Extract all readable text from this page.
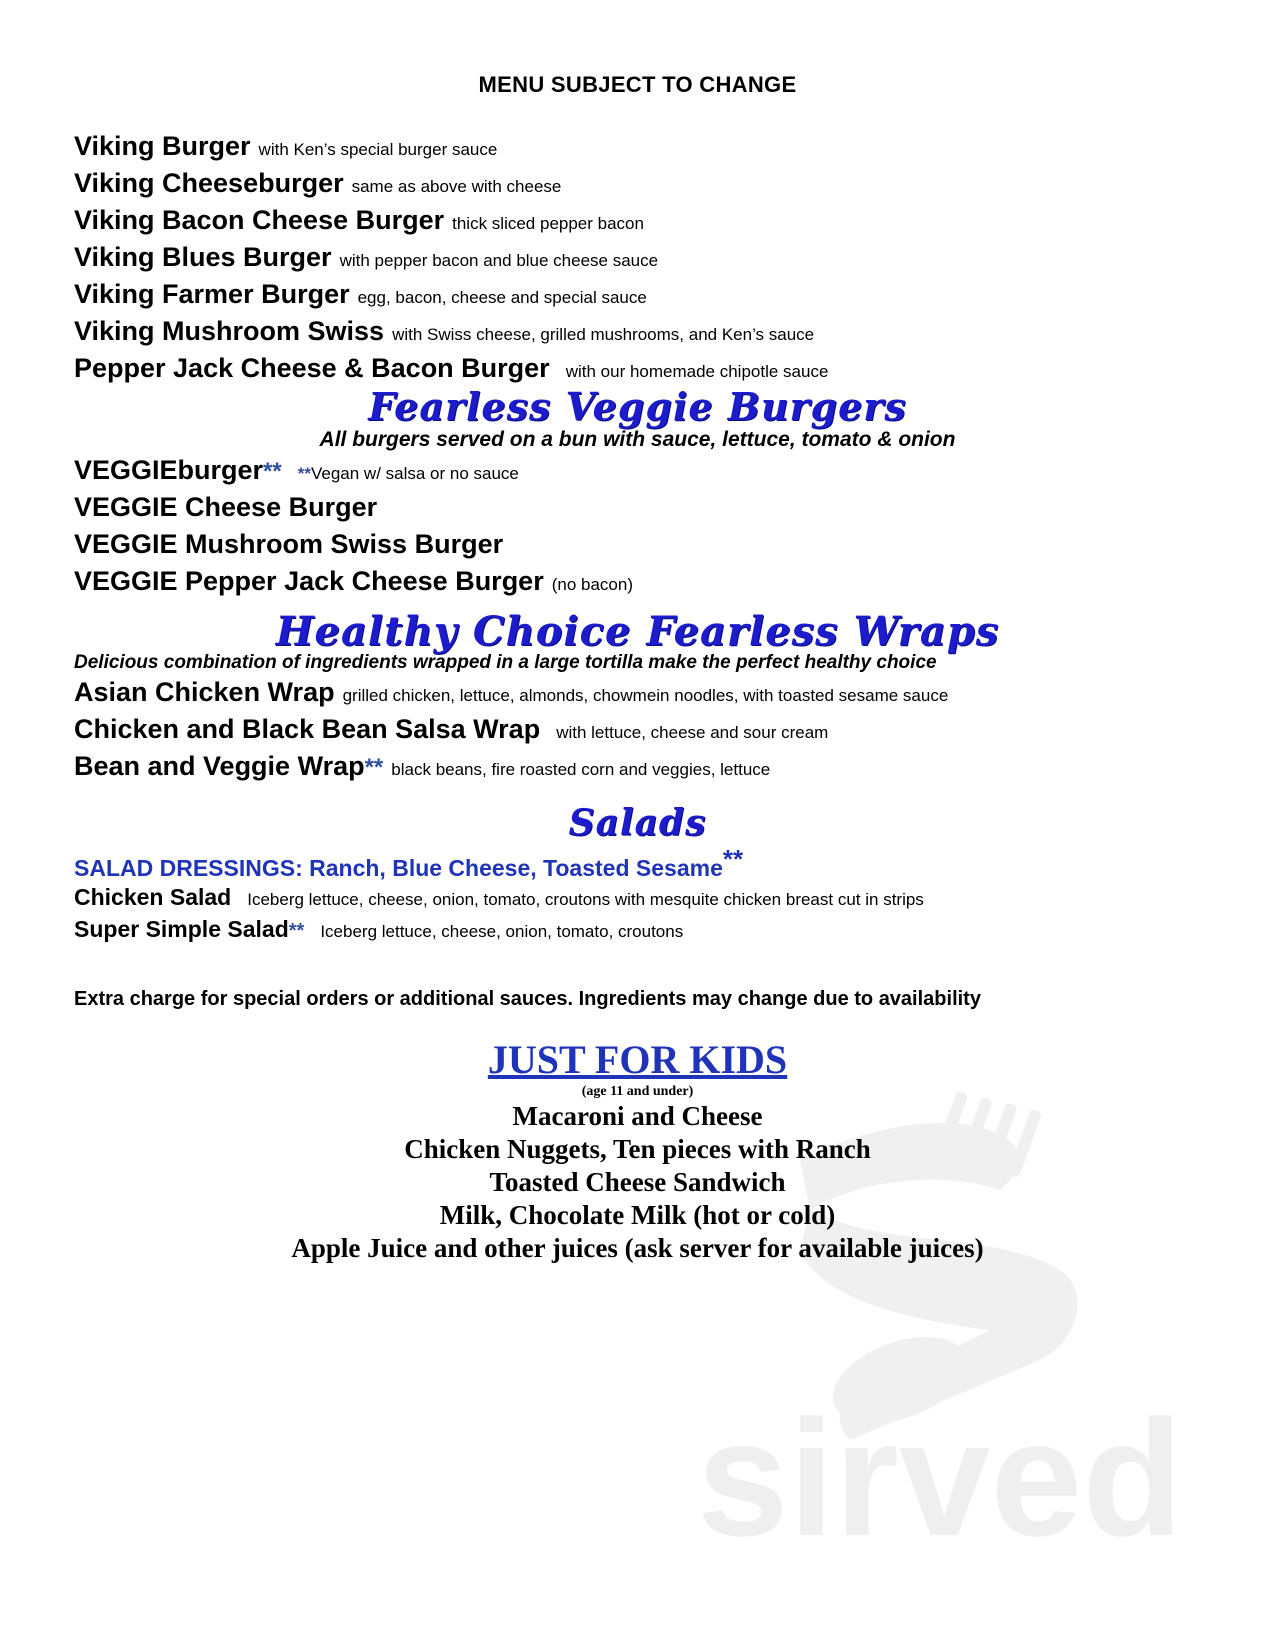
sirved
MENU SUBJECT TO CHANGE
Viking Burger with Ken’s special burger sauce
Viking Cheeseburger same as above with cheese
Viking Bacon Cheese Burger thick sliced pepper bacon
Viking Blues Burger with pepper bacon and blue cheese sauce
Viking Farmer Burger egg, bacon, cheese and special sauce
Viking Mushroom Swiss with Swiss cheese, grilled mushrooms, and Ken’s sauce
Pepper Jack Cheese & Bacon Burger with our homemade chipotle sauce
Fearless Veggie Burgers
All burgers served on a bun with sauce, lettuce, tomato & onion
VEGGIEburger** **Vegan w/ salsa or no sauce
VEGGIE Cheese Burger
VEGGIE Mushroom Swiss Burger
VEGGIE Pepper Jack Cheese Burger (no bacon)
Healthy Choice Fearless Wraps
Delicious combination of ingredients wrapped in a large tortilla make the perfect healthy choice
Asian Chicken Wrap grilled chicken, lettuce, almonds, chowmein noodles, with toasted sesame sauce
Chicken and Black Bean Salsa Wrap with lettuce, cheese and sour cream
Bean and Veggie Wrap** black beans, fire roasted corn and veggies, lettuce
Salads
SALAD DRESSINGS: Ranch, Blue Cheese, Toasted Sesame**
Chicken Salad Iceberg lettuce, cheese, onion, tomato, croutons with mesquite chicken breast cut in strips
Super Simple Salad** Iceberg lettuce, cheese, onion, tomato, croutons
Extra charge for special orders or additional sauces. Ingredients may change due to availability
JUST FOR KIDS
(age 11 and under)
Macaroni and Cheese
Chicken Nuggets, Ten pieces with Ranch
Toasted Cheese Sandwich
Milk, Chocolate Milk (hot or cold)
Apple Juice and other juices (ask server for available juices)
